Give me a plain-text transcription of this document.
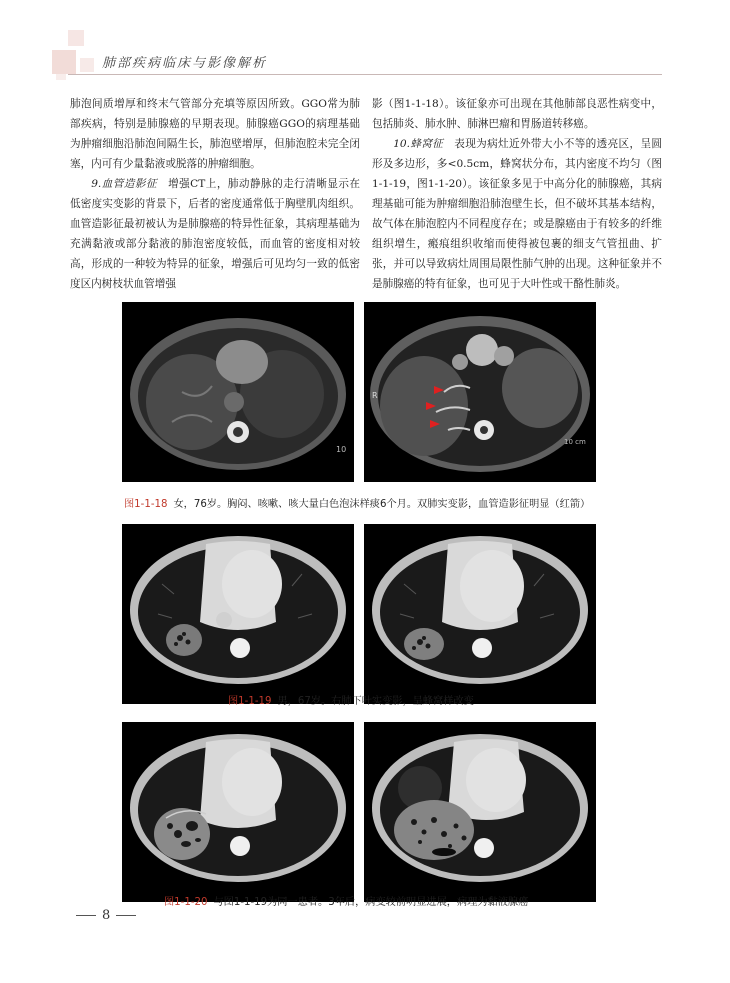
肺部疾病临床与影像解析

肺泡间质增厚和终末气管部分充填等原因所致。GGO常为肺部疾病，特别是肺腺癌的早期表现。肺腺癌GGO的病理基础为肿瘤细胞沿肺泡间隔生长，肺泡壁增厚，但肺泡腔未完全闭塞，内可有少量黏液或脱落的肿瘤细胞。

9.血管造影征　 增强CT上，肺动静脉的走行清晰显示在低密度实变影的背景下，后者的密度通常低于胸壁肌肉组织。血管造影征最初被认为是肺腺癌的特异性征象，其病理基础为充满黏液或部分黏液的肺泡密度较低，而血管的密度相对较高，形成的一种较为特异的征象，增强后可见均匀一致的低密度区内树枝状血管增强

影（图1-1-18）。该征象亦可出现在其他肺部良恶性病变中，包括肺炎、肺水肿、肺淋巴瘤和胃肠道转移癌。

10.蜂窝征　 表现为病灶近外带大小不等的透亮区，呈圆形及多边形，多<0.5cm，蜂窝状分布，其内密度不均匀（图1-1-19，图1-1-20）。该征象多见于中高分化的肺腺癌，其病理基础可能为肿瘤细胞沿肺泡壁生长，但不破坏其基本结构，故气体在肺泡腔内不同程度存在；或是腺癌由于有较多的纤维组织增生，瘢痕组织收缩而使得被包裹的细支气管扭曲、扩张，并可以导致病灶周围局限性肺气肿的出现。这种征象并不是肺腺癌的特有征象，也可见于大叶性或干酪性肺炎。

10
R
10 cm
图1-1-18 女，76岁。胸闷、咳嗽、咳大量白色泡沫样痰6个月。双肺实变影，血管造影征明显（红箭）
图1-1-19 男，67岁。右肺下叶实变影，呈蜂窝样改变
图1-1-20 与图1-1-19为同一患者。3年后，病变较前明显进展，病理为黏液腺癌
8
